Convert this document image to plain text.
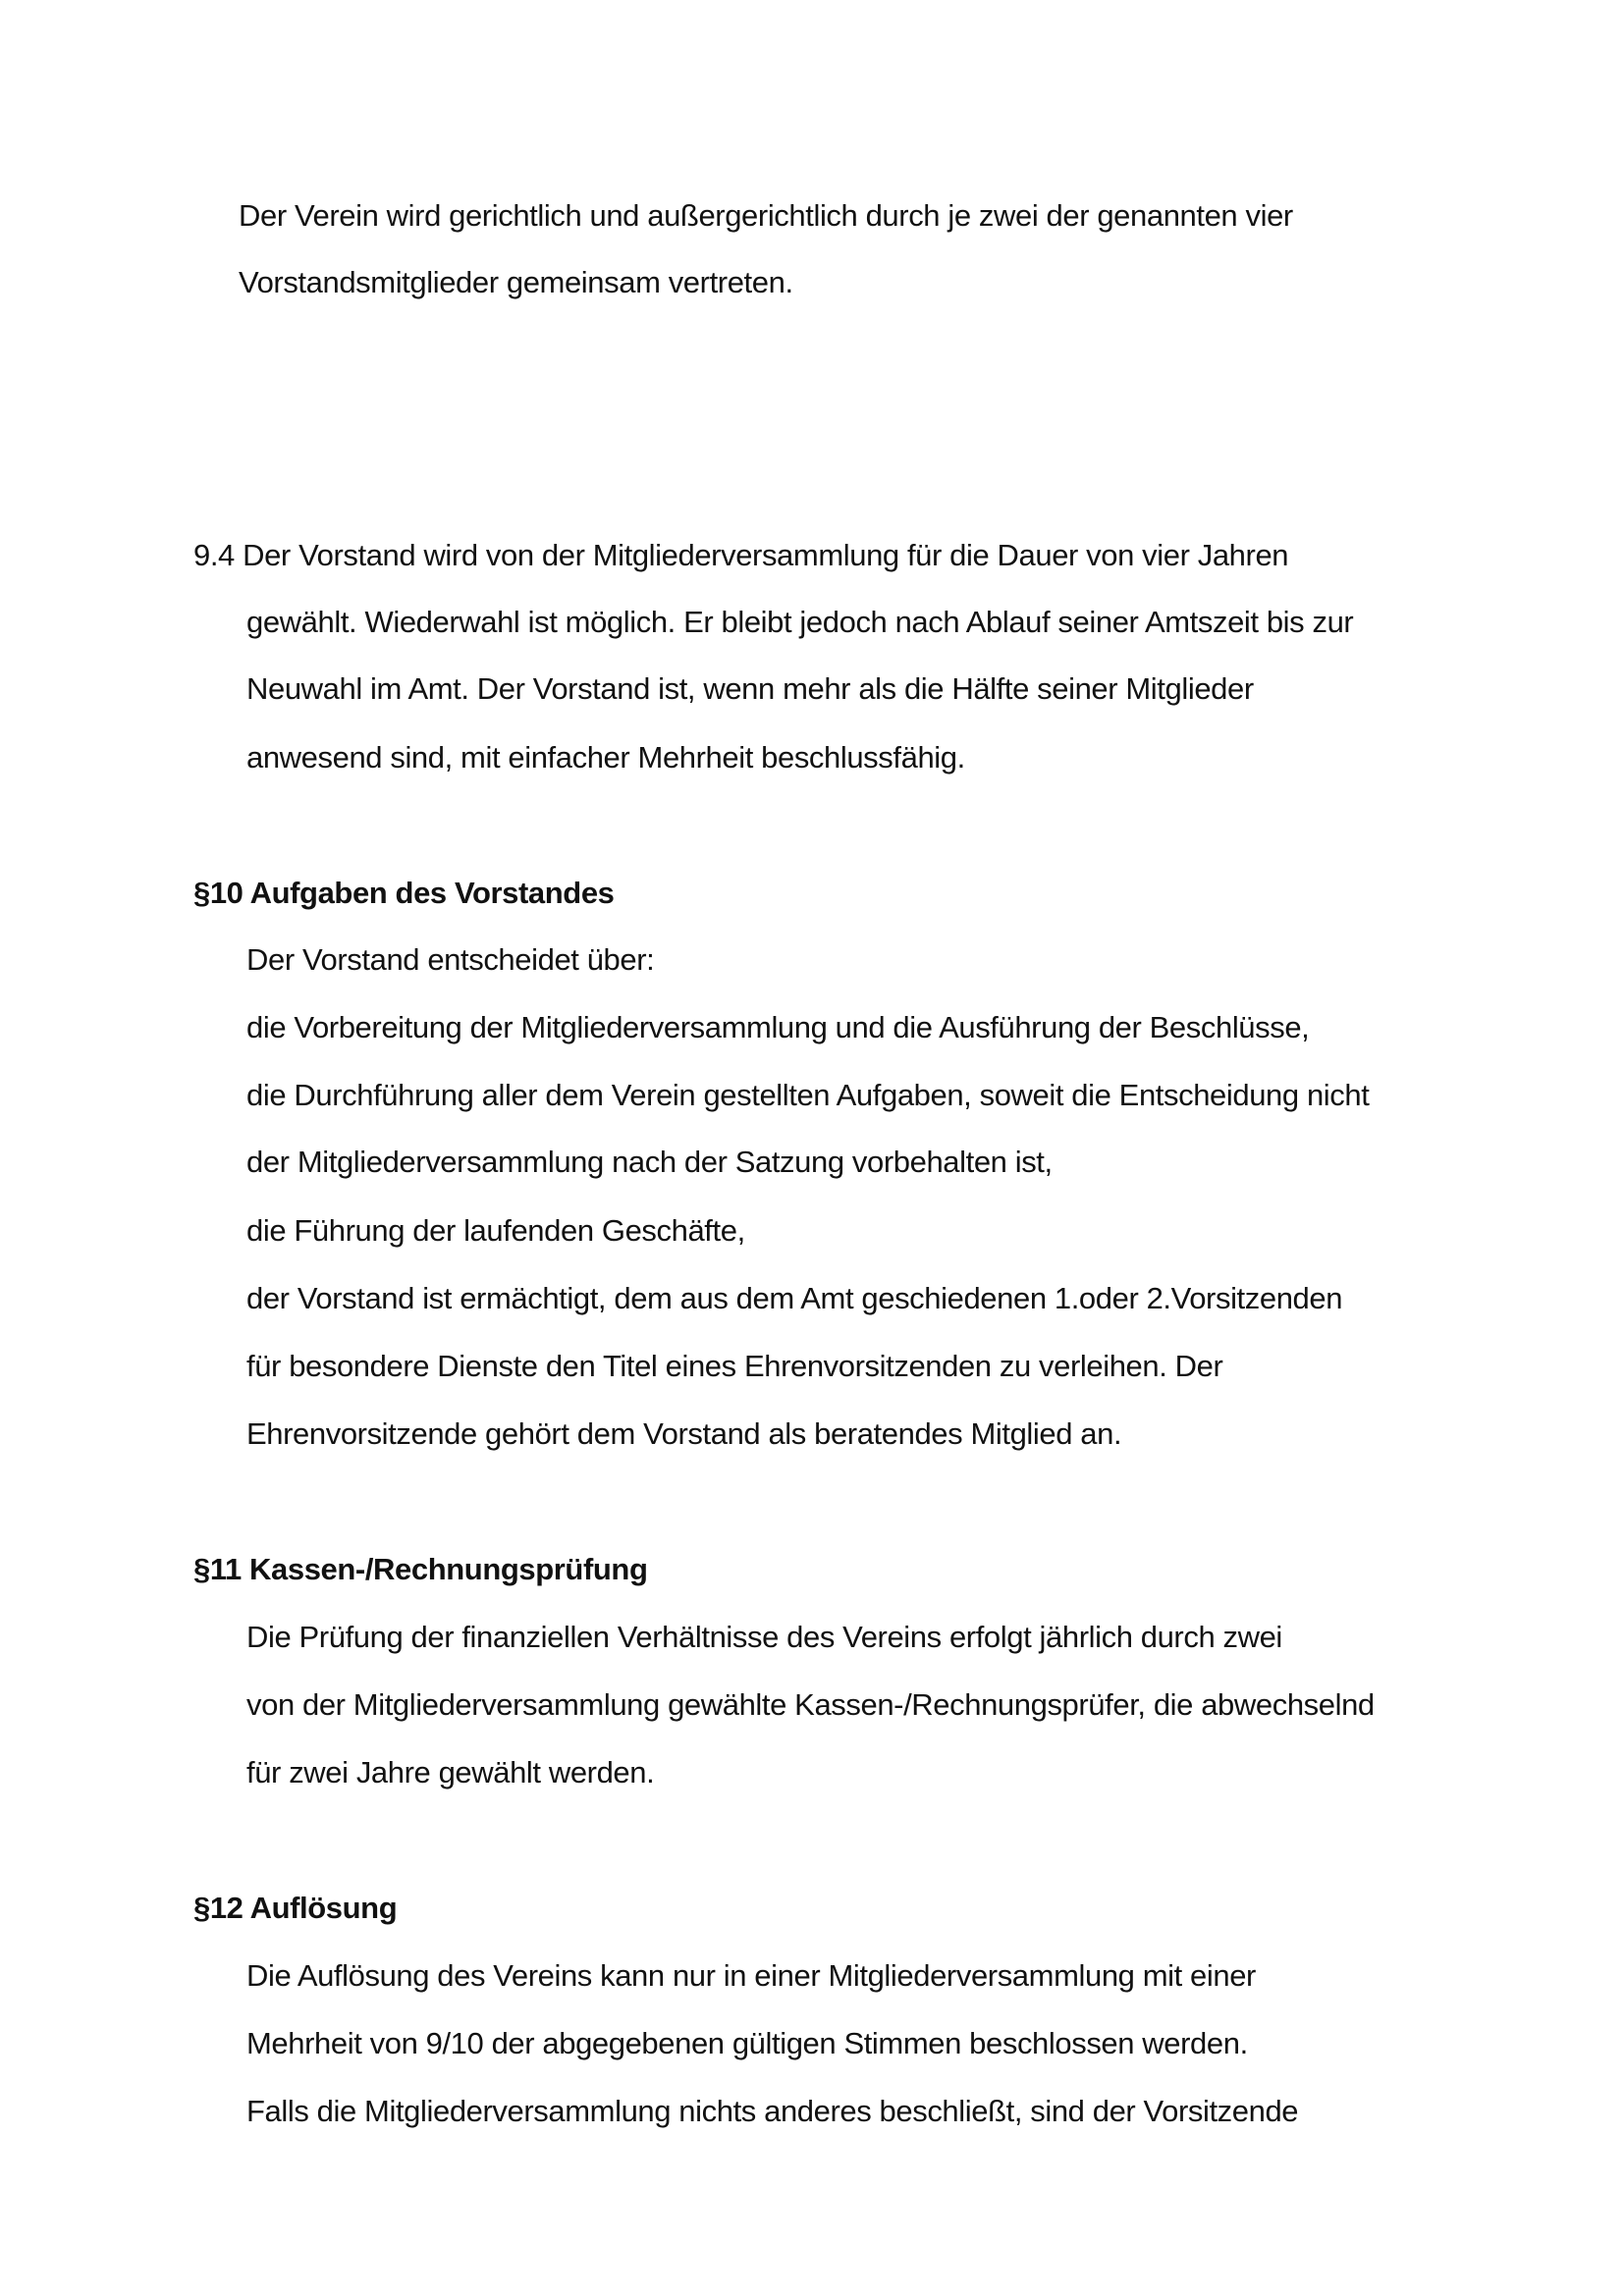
Der Verein wird gerichtlich und außergerichtlich durch je zwei der genannten vier
Vorstandsmitglieder gemeinsam vertreten.
9.4 Der Vorstand wird von der Mitgliederversammlung für die Dauer von vier Jahren
gewählt. Wiederwahl ist möglich. Er bleibt jedoch nach Ablauf seiner Amtszeit bis zur
Neuwahl im Amt. Der Vorstand ist, wenn mehr als die Hälfte seiner Mitglieder
anwesend sind, mit einfacher Mehrheit beschlussfähig.
§10 Aufgaben des Vorstandes
Der Vorstand entscheidet über:
die Vorbereitung der Mitgliederversammlung und die Ausführung der Beschlüsse,
die Durchführung aller dem Verein gestellten Aufgaben, soweit die Entscheidung nicht
der Mitgliederversammlung nach der Satzung vorbehalten ist,
die Führung der laufenden Geschäfte,
der Vorstand ist ermächtigt, dem aus dem Amt geschiedenen 1.oder 2.Vorsitzenden
für besondere Dienste den Titel eines Ehrenvorsitzenden zu verleihen. Der
Ehrenvorsitzende gehört dem Vorstand als beratendes Mitglied an.
§11 Kassen-/Rechnungsprüfung
Die Prüfung der finanziellen Verhältnisse des Vereins erfolgt jährlich durch zwei
von der Mitgliederversammlung gewählte Kassen-/Rechnungsprüfer, die abwechselnd
für zwei Jahre gewählt werden.
§12 Auflösung
Die Auflösung des Vereins kann nur in einer Mitgliederversammlung mit einer
Mehrheit von 9/10 der abgegebenen gültigen Stimmen beschlossen werden.
Falls die Mitgliederversammlung nichts anderes beschließt, sind der Vorsitzende
